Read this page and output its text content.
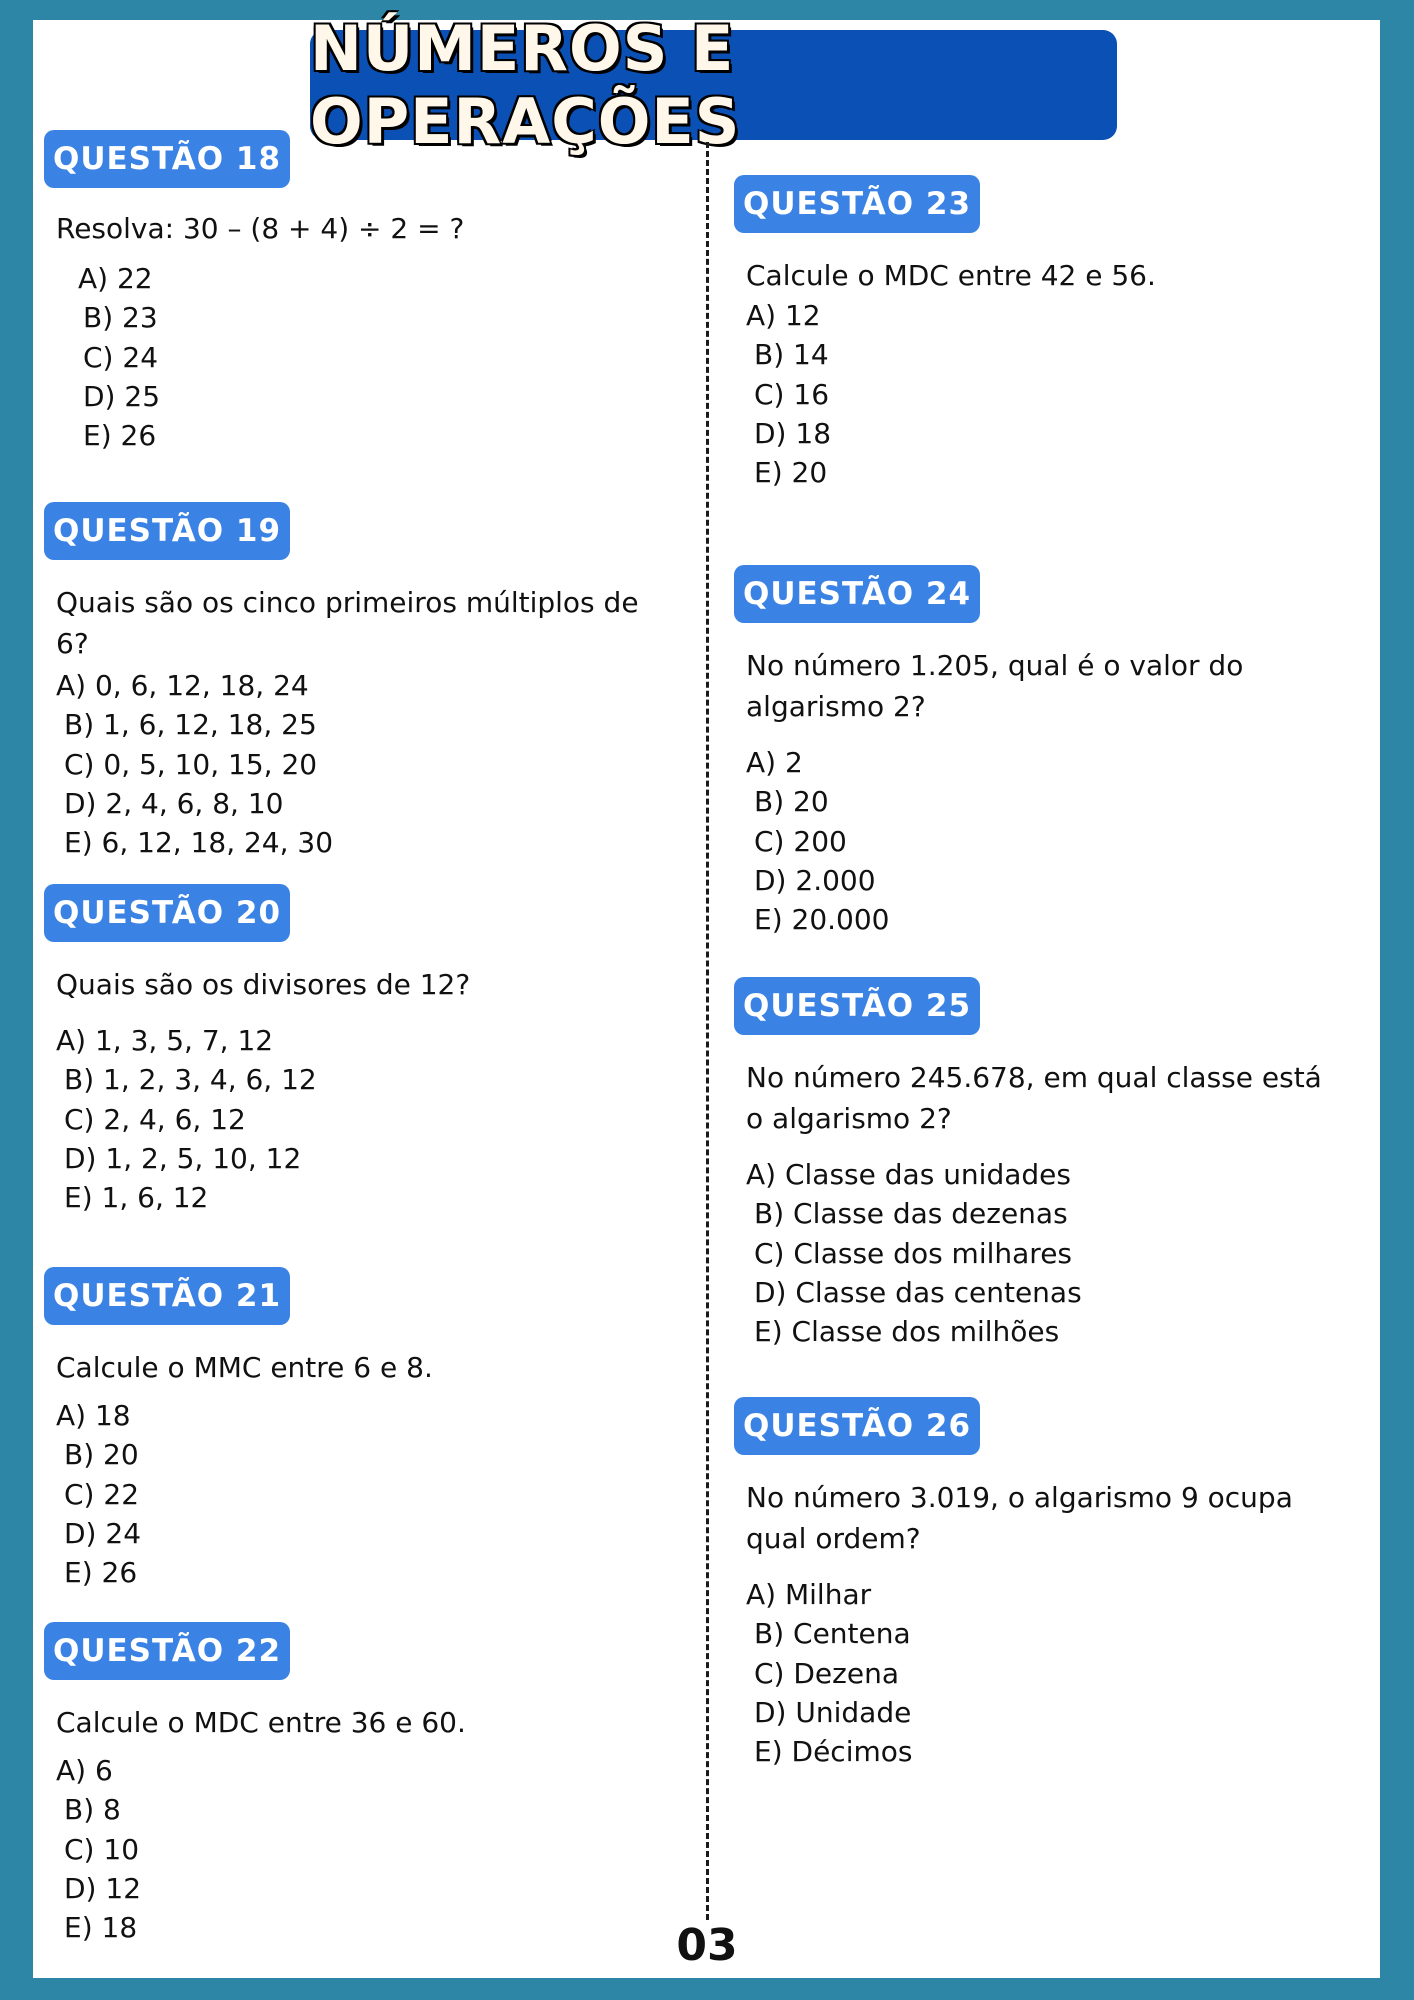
NÚMEROS E OPERAÇÕES
QUESTÃO 18
Resolva: 30 – (8 + 4) ÷ 2 = ?
A) 22
B) 23
C) 24
D) 25
E) 26
QUESTÃO 19
Quais são os cinco primeiros múltiplos de 6?
A) 0, 6, 12, 18, 24
B) 1, 6, 12, 18, 25
C) 0, 5, 10, 15, 20
D) 2, 4, 6, 8, 10
E) 6, 12, 18, 24, 30
QUESTÃO 20
Quais são os divisores de 12?
A) 1, 3, 5, 7, 12
B) 1, 2, 3, 4, 6, 12
C) 2, 4, 6, 12
D) 1, 2, 5, 10, 12
E) 1, 6, 12
QUESTÃO 21
Calcule o MMC entre 6 e 8.
A) 18
B) 20
C) 22
D) 24
E) 26
QUESTÃO 22
Calcule o MDC entre 36 e 60.
A) 6
B) 8
C) 10
D) 12
E) 18
QUESTÃO 23
Calcule o MDC entre 42 e 56.
A) 12
B) 14
C) 16
D) 18
E) 20
QUESTÃO 24
No número 1.205, qual é o valor do algarismo 2?
A) 2
B) 20
C) 200
D) 2.000
E) 20.000
QUESTÃO 25
No número 245.678, em qual classe está o algarismo 2?
A) Classe das unidades
B) Classe das dezenas
C) Classe dos milhares
D) Classe das centenas
E) Classe dos milhões
QUESTÃO 26
No número 3.019, o algarismo 9 ocupa qual ordem?
A) Milhar
B) Centena
C) Dezena
D) Unidade
E) Décimos
03
